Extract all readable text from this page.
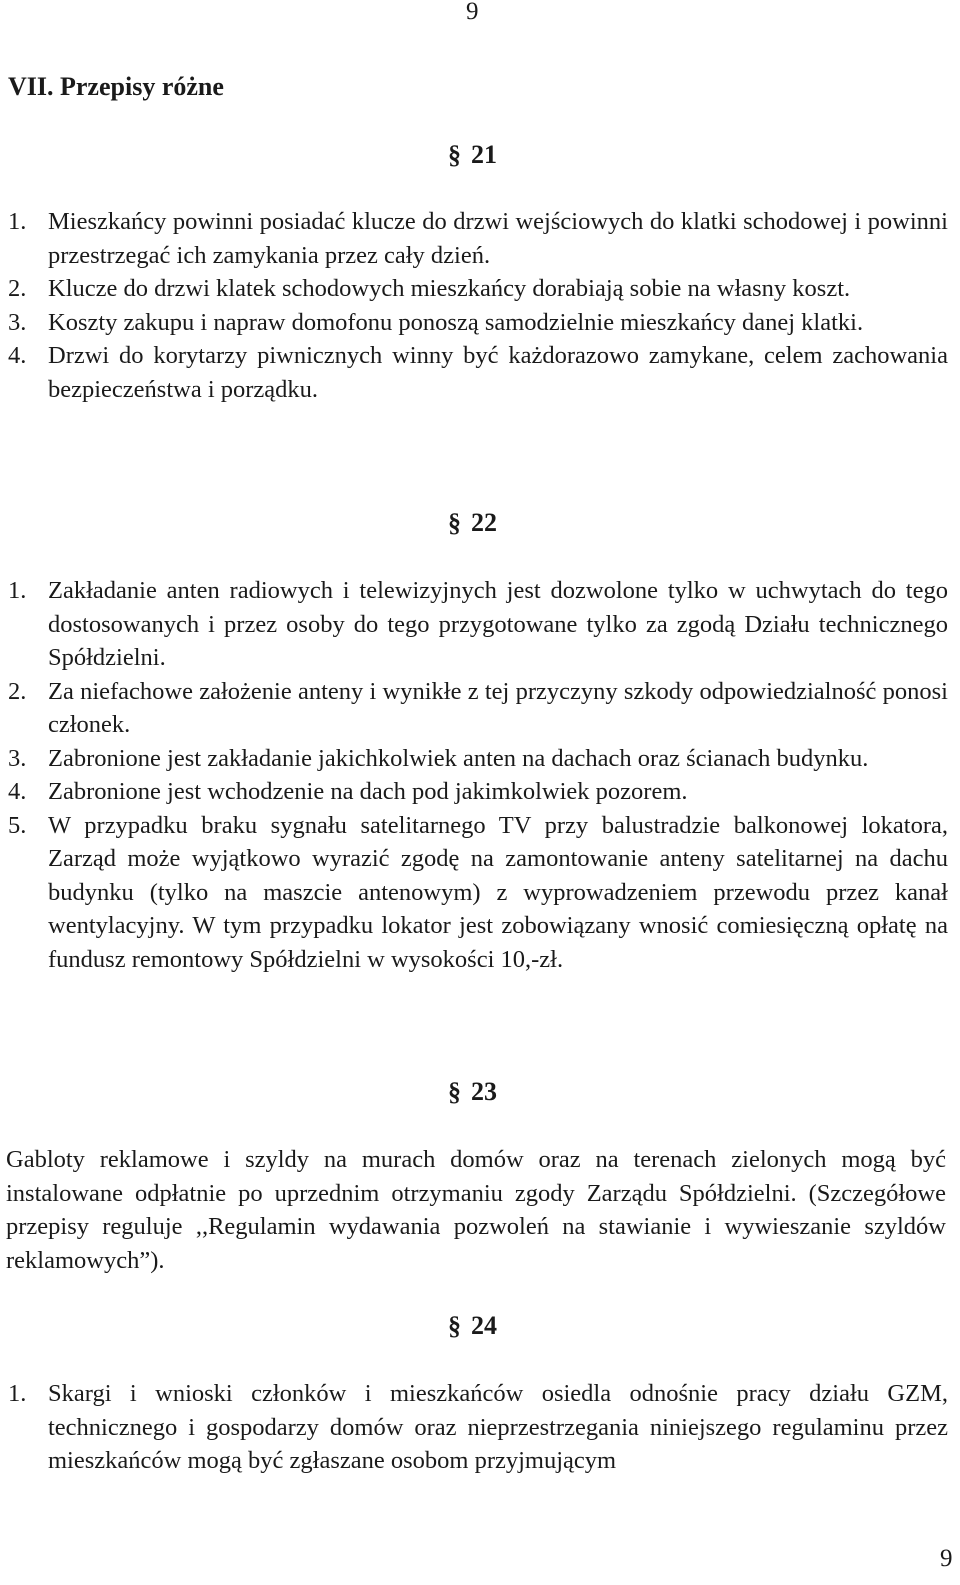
9
VII. Przepisy różne
§ 21
1. Mieszkańcy powinni posiadać klucze do drzwi wejściowych do klatki schodowej i powinni przestrzegać ich zamykania przez cały dzień.
2. Klucze do drzwi klatek schodowych mieszkańcy dorabiają sobie na własny koszt.
3. Koszty zakupu i napraw domofonu ponoszą samodzielnie mieszkańcy danej klatki.
4. Drzwi do korytarzy piwnicznych winny być każdorazowo zamykane, celem zachowania bezpieczeństwa i porządku.
§ 22
1. Zakładanie anten radiowych i telewizyjnych jest dozwolone tylko w uchwytach do tego dostosowanych i przez osoby do tego przygotowane tylko za zgodą Działu technicznego Spółdzielni.
2. Za niefachowe założenie anteny i wynikłe z tej przyczyny szkody odpowiedzialność ponosi członek.
3. Zabronione jest zakładanie jakichkolwiek anten na dachach oraz ścianach budynku.
4. Zabronione jest wchodzenie na dach pod jakimkolwiek pozorem.
5. W przypadku braku sygnału satelitarnego TV przy balustradzie balkonowej lokatora, Zarząd może wyjątkowo wyrazić zgodę na zamontowanie anteny satelitarnej na dachu budynku (tylko na maszcie antenowym) z wyprowadzeniem przewodu przez kanał wentylacyjny. W tym przypadku lokator jest zobowiązany wnosić comiesięczną opłatę na fundusz remontowy Spółdzielni w wysokości 10,-zł.
§ 23
Gabloty reklamowe i szyldy na murach domów oraz na terenach zielonych mogą być instalowane odpłatnie po uprzednim otrzymaniu zgody Zarządu Spółdzielni. (Szczegółowe przepisy reguluje ,,Regulamin wydawania pozwoleń na stawianie i wywieszanie szyldów reklamowych”).
§ 24
1. Skargi i wnioski członków i mieszkańców osiedla odnośnie pracy działu GZM, technicznego i gospodarzy domów oraz nieprzestrzegania niniejszego regulaminu przez mieszkańców mogą być zgłaszane osobom przyjmującym
9
